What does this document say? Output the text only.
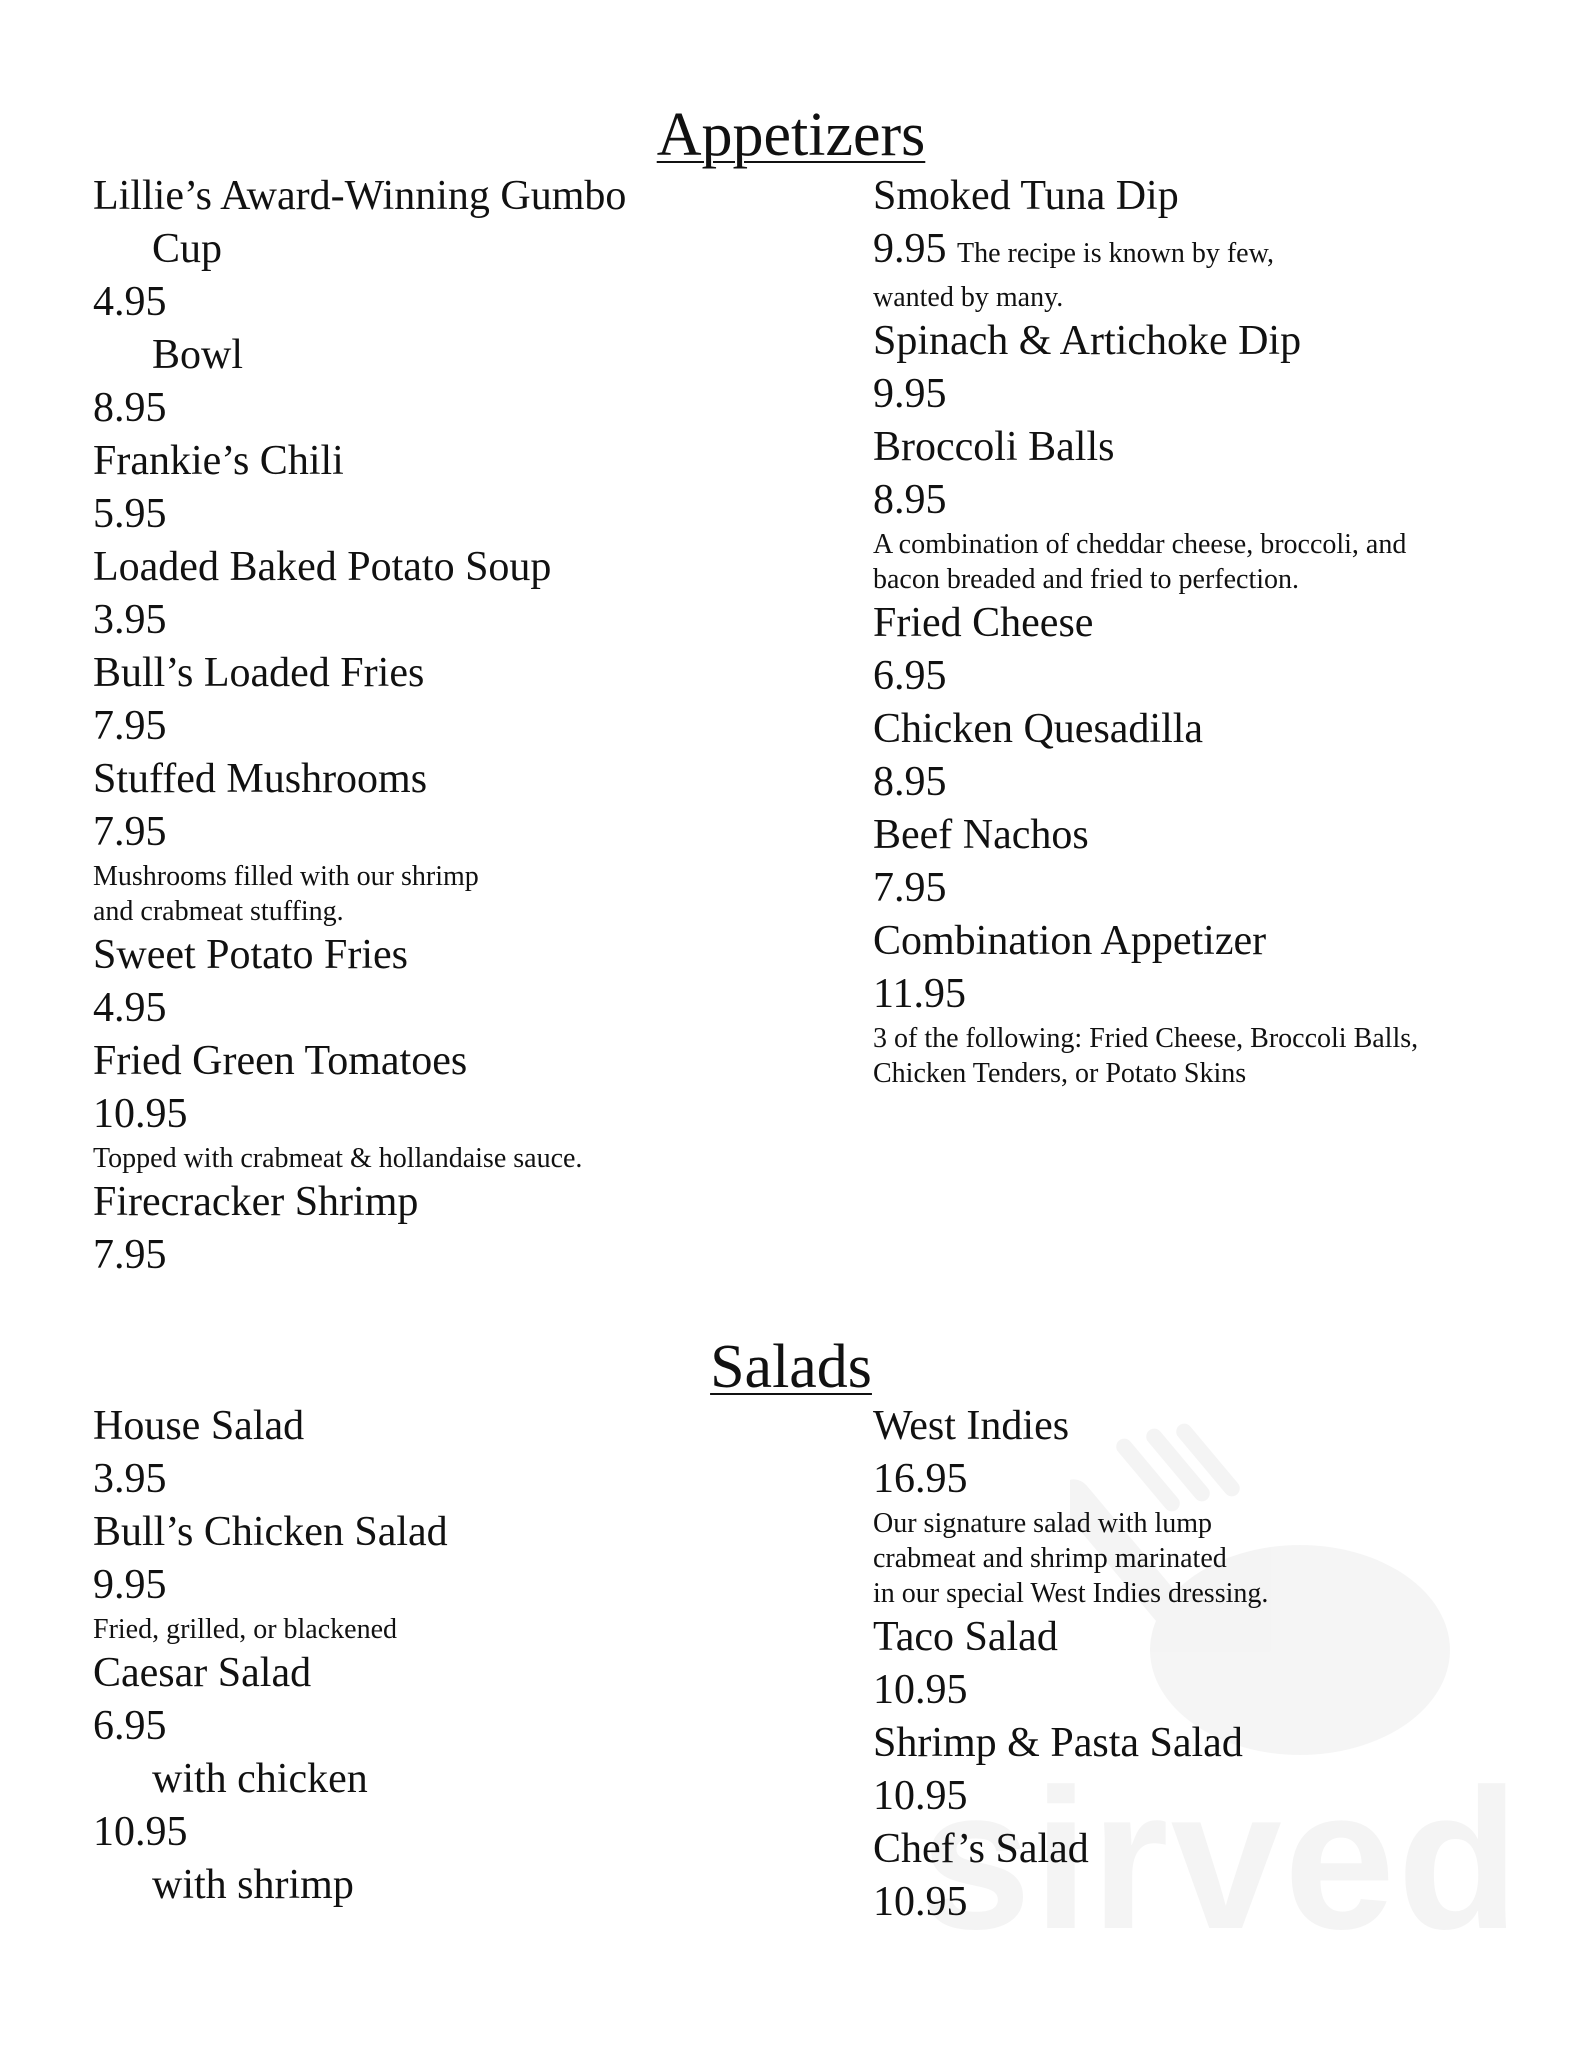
Appetizers
Lillie’s Award-Winning Gumbo
Cup
4.95
Bowl
8.95
Frankie’s Chili
5.95
Loaded Baked Potato Soup
3.95
Bull’s Loaded Fries
7.95
Stuffed Mushrooms
7.95
Mushrooms filled with our shrimp
and crabmeat stuffing.
Sweet Potato Fries
4.95
Fried Green Tomatoes
10.95
Topped with crabmeat & hollandaise sauce.
Firecracker Shrimp
7.95
Smoked Tuna Dip
9.95 The recipe is known by few,
wanted by many.
Spinach & Artichoke Dip
9.95
Broccoli Balls
8.95
A combination of cheddar cheese, broccoli, and
bacon breaded and fried to perfection.
Fried Cheese
6.95
Chicken Quesadilla
8.95
Beef Nachos
7.95
Combination Appetizer
11.95
3 of the following: Fried Cheese, Broccoli Balls,
Chicken Tenders, or Potato Skins
Salads
House Salad
3.95
Bull’s Chicken Salad
9.95
Fried, grilled, or blackened
Caesar Salad
6.95
with chicken
10.95
with shrimp
West Indies
16.95
Our signature salad with lump
crabmeat and shrimp marinated
in our special West Indies dressing.
Taco Salad
10.95
Shrimp & Pasta Salad
10.95
Chef’s Salad
10.95
